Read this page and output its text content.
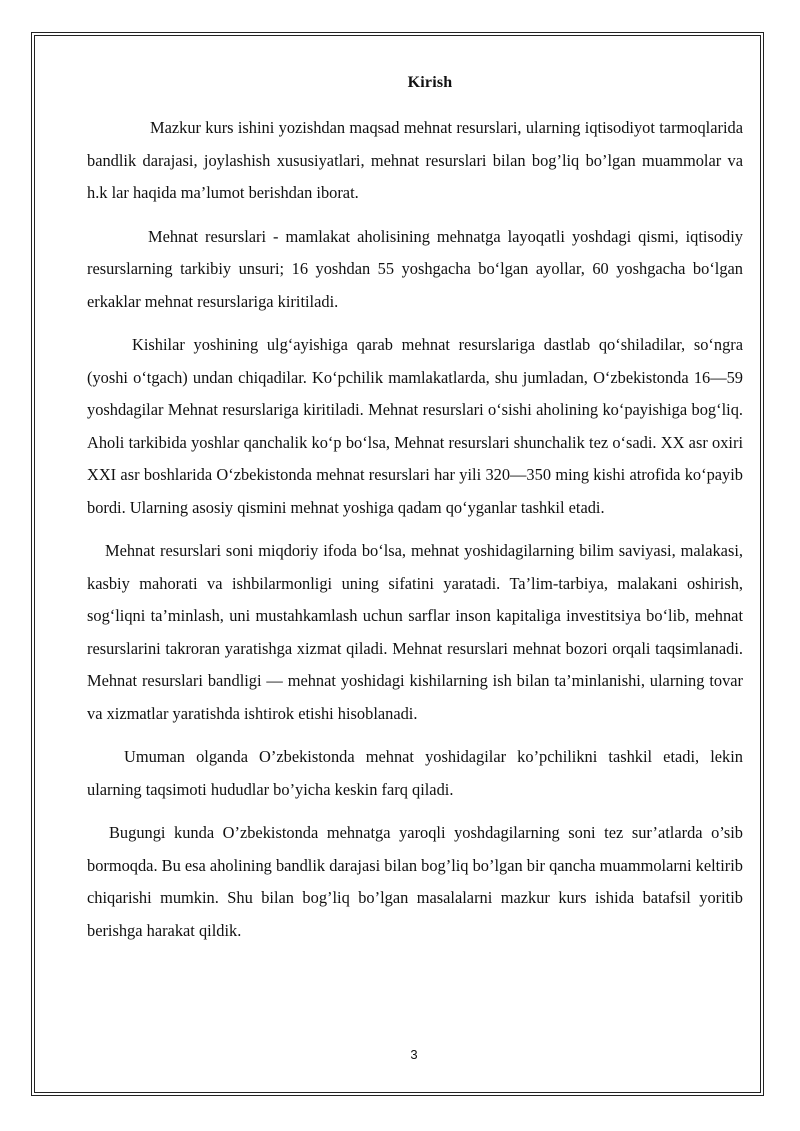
Kirish

Mazkur kurs ishini yozishdan maqsad mehnat resurslari, ularning iqtisodiyot tarmoqlarida bandlik darajasi, joylashish xususiyatlari, mehnat resurslari bilan bog’liq bo’lgan muammolar va h.k lar haqida ma’lumot berishdan iborat.

Mehnat resurslari - mamlakat aholisining mehnatga layoqatli yoshdagi qismi, iqtisodiy resurslarning tarkibiy unsuri; 16 yoshdan 55 yoshgacha bo‘lgan ayollar, 60 yoshgacha bo‘lgan erkaklar mehnat resurslariga kiritiladi.

Kishilar yoshining ulg‘ayishiga qarab mehnat resurslariga dastlab qo‘shiladilar, so‘ngra (yoshi o‘tgach) undan chiqadilar. Ko‘pchilik mamlakatlarda, shu jumladan, O‘zbekistonda 16—59 yoshdagilar Mehnat resurslariga kiritiladi. Mehnat resurslari o‘sishi aholining ko‘payishiga bog‘liq. Aholi tarkibida yoshlar qanchalik ko‘p bo‘lsa, Mehnat resurslari shunchalik tez o‘sadi. XX asr oxiri XXI asr boshlarida O‘zbekistonda mehnat resurslari har yili 320—350 ming kishi atrofida ko‘payib bordi. Ularning asosiy qismini mehnat yoshiga qadam qo‘yganlar tashkil etadi.

Mehnat resurslari soni miqdoriy ifoda bo‘lsa, mehnat yoshidagilarning bilim saviyasi, malakasi, kasbiy mahorati va ishbilarmonligi uning sifatini yaratadi. Ta’lim-tarbiya, malakani oshirish, sog‘liqni ta’minlash, uni mustahkamlash uchun sarflar inson kapitaliga investitsiya bo‘lib, mehnat resurslarini takroran yaratishga xizmat qiladi. Mehnat resurslari mehnat bozori orqali taqsimlanadi. Mehnat resurslari bandligi — mehnat yoshidagi kishilarning ish bilan ta’minlanishi, ularning tovar va xizmatlar yaratishda ishtirok etishi hisoblanadi.

Umuman olganda O’zbekistonda mehnat yoshidagilar ko’pchilikni tashkil etadi, lekin ularning taqsimoti hududlar bo’yicha keskin farq qiladi.

Bugungi kunda O’zbekistonda mehnatga yaroqli yoshdagilarning soni tez sur’atlarda o’sib bormoqda. Bu esa aholining bandlik darajasi bilan bog’liq bo’lgan bir qancha muammolarni keltirib chiqarishi mumkin. Shu bilan bog’liq bo’lgan masalalarni mazkur kurs ishida batafsil yoritib berishga harakat qildik.

3
